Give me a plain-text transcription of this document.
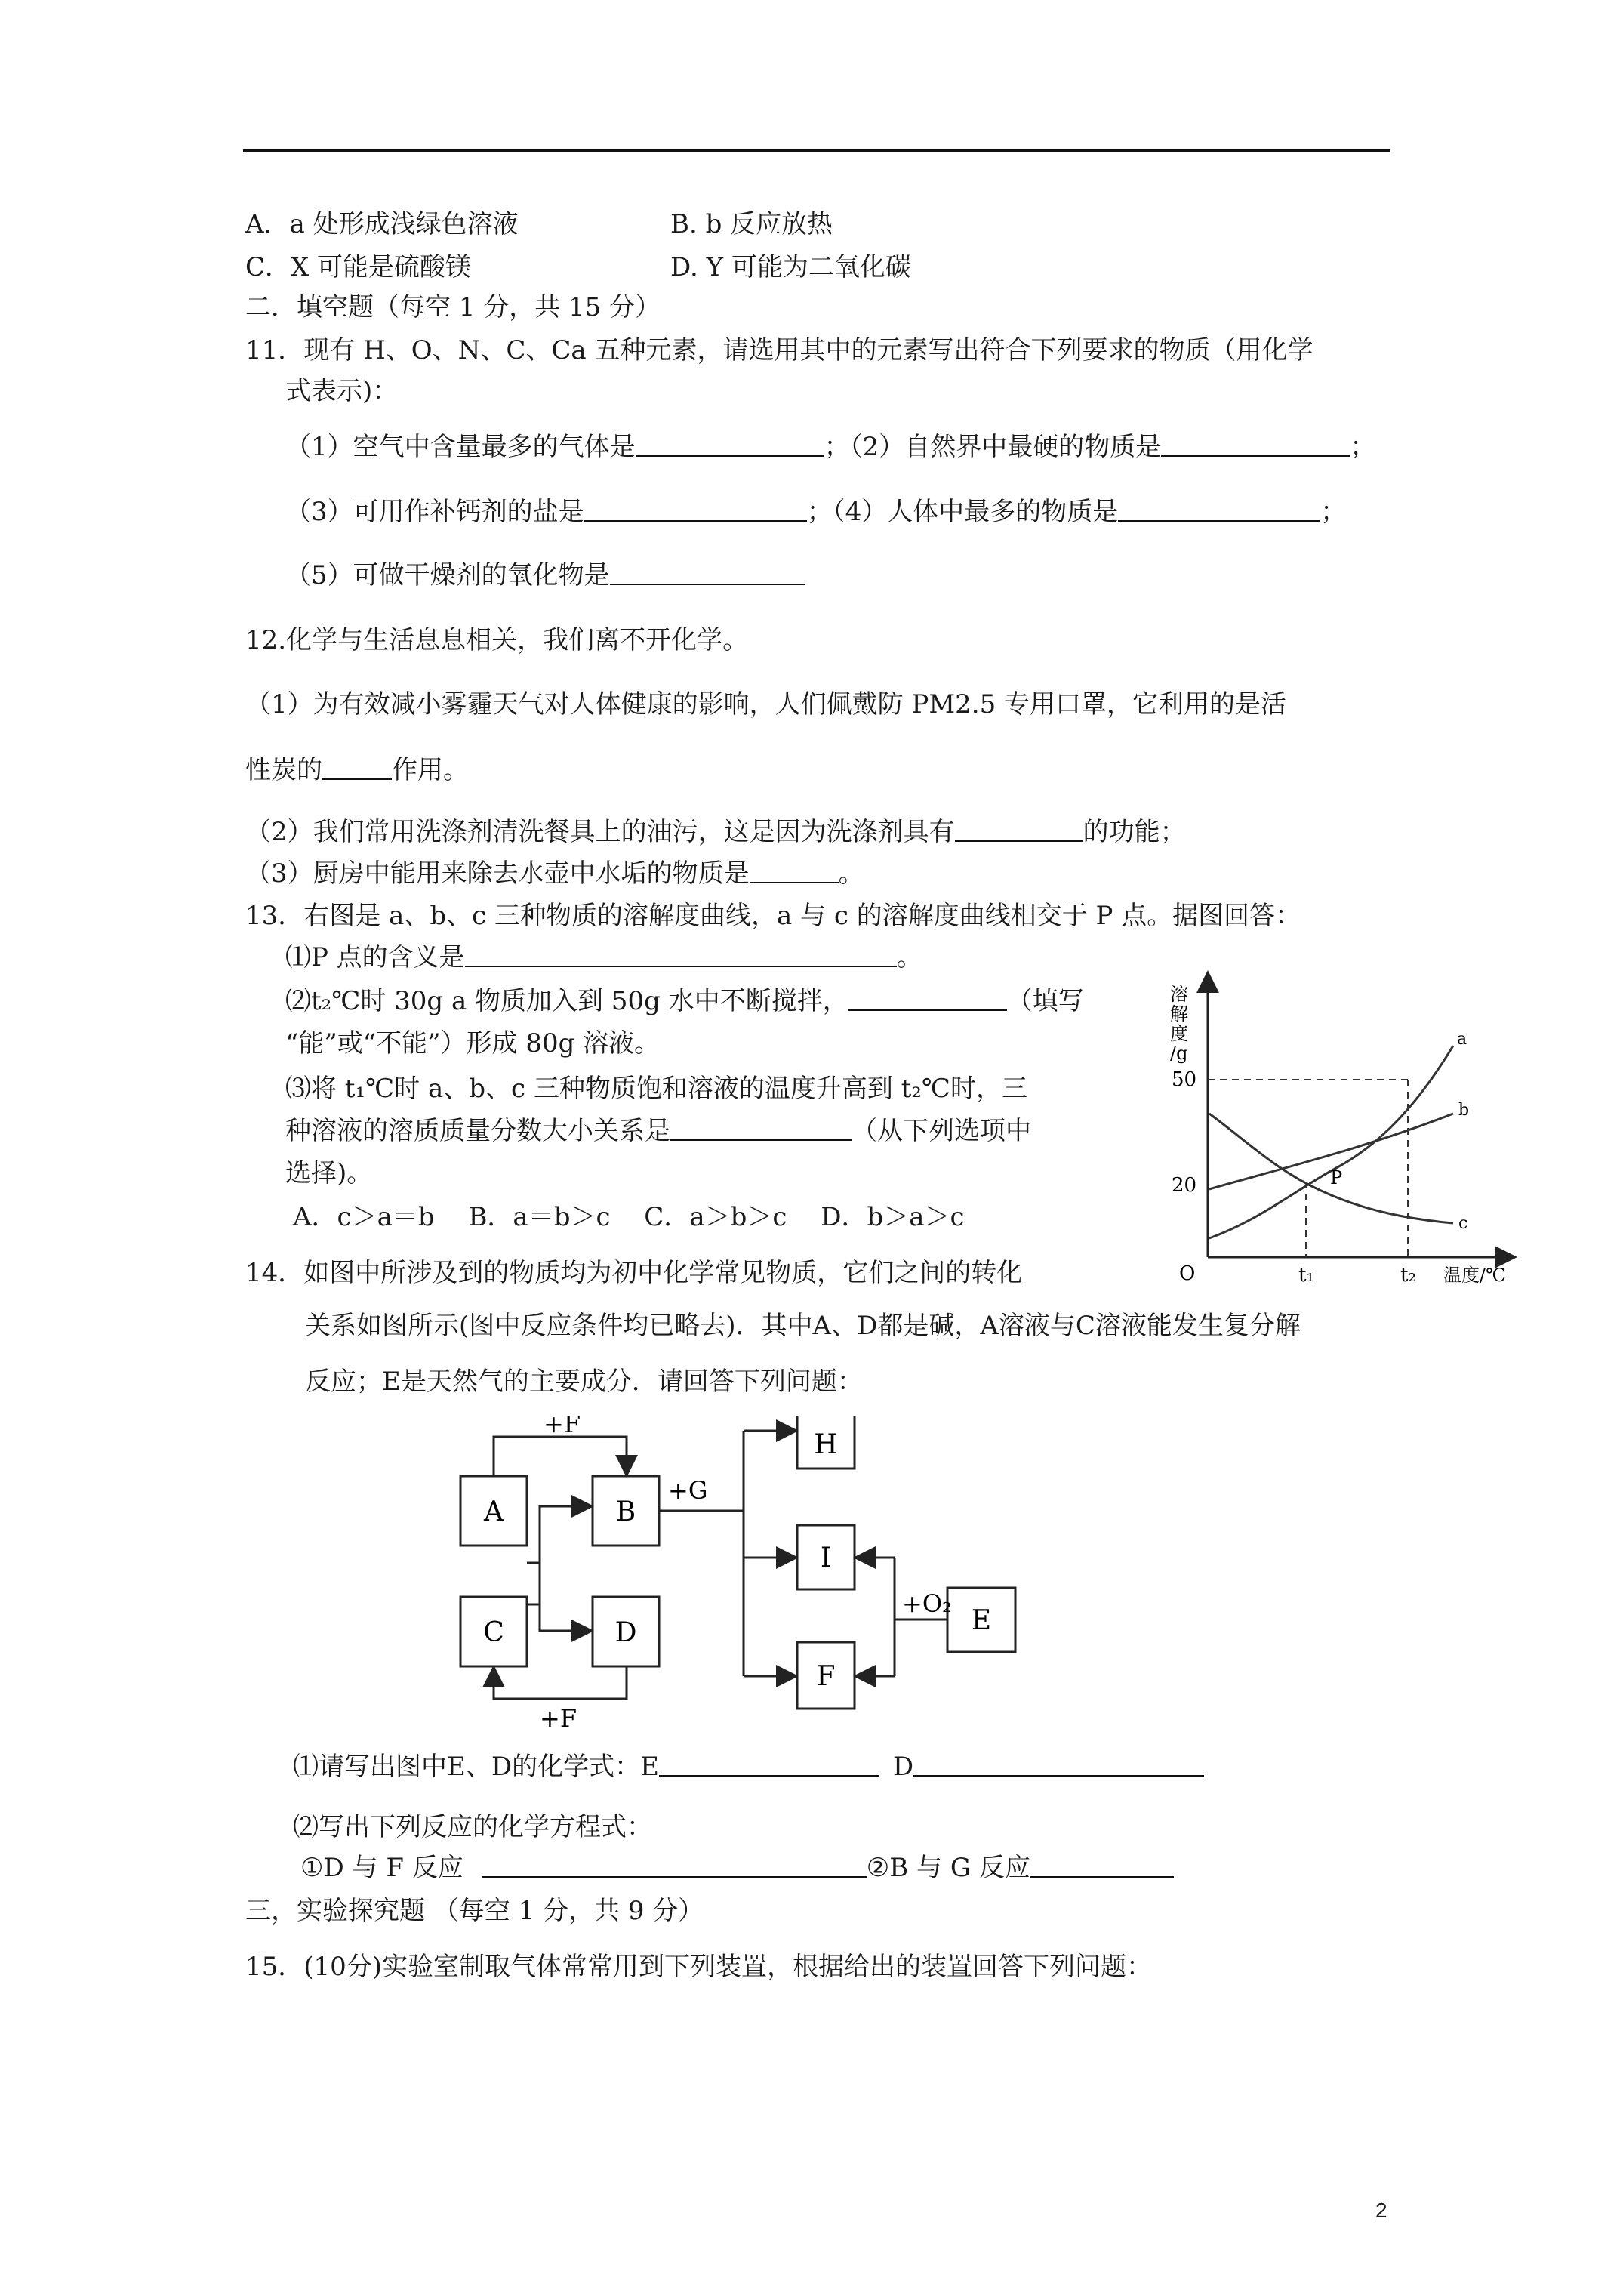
A．a 处形成浅绿色溶液	B. b 反应放热
C．X 可能是硫酸镁	D. Y 可能为二氧化碳
二．填空题（每空 1 分，共 15 分）
11．现有 H、O、N、C、Ca 五种元素，请选用其中的元素写出符合下列要求的物质（用化学
式表示)：
（1）空气中含量最多的气体是	；（2）自然界中最硬的物质是	；
（3）可用作补钙剂的盐是	；（4）人体中最多的物质是	；
（5）可做干燥剂的氧化物是
12.化学与生活息息相关，我们离不开化学。
（1）为有效减小雾霾天气对人体健康的影响，人们佩戴防 PM2.5 专用口罩，它利用的是活
性炭的	作用。
（2）我们常用洗涤剂清洗餐具上的油污，这是因为洗涤剂具有	的功能；
（3）厨房中能用来除去水壶中水垢的物质是	。
13．右图是 a、b、c 三种物质的溶解度曲线，a 与 c 的溶解度曲线相交于 P 点。据图回答：
⑴P 点的含义是	。
⑵t₂℃时 30g a 物质加入到 50g 水中不断搅拌，	（填写
“能”或“不能”）形成 80g 溶液。
⑶将 t₁℃时 a、b、c 三种物质饱和溶液的温度升高到 t₂℃时，三
种溶液的溶质质量分数大小关系是	（从下列选项中
选择)。
A．c＞a＝b　 B．a＝b＞c　 C．a＞b＞c　 D．b＞a＞c
溶
解
度
/g
50
20
O	t₁	t₂ 温度/℃
a
b
c
P
14．如图中所涉及到的物质均为初中化学常见物质，它们之间的转化
关系如图所示(图中反应条件均已略去)．其中A、D都是碱，A溶液与C溶液能发生复分解
反应；E是天然气的主要成分．请回答下列问题：
A	B
C	D
H
I
F
E
+F
+G
+O₂
+F
⑴请写出图中E、D的化学式：E	D
⑵写出下列反应的化学方程式：
①D 与 F 反应	②B 与 G 反应
三，实验探究题 （每空 1 分，共 9 分）
15．(10分)实验室制取气体常常用到下列装置，根据给出的装置回答下列问题：
2
